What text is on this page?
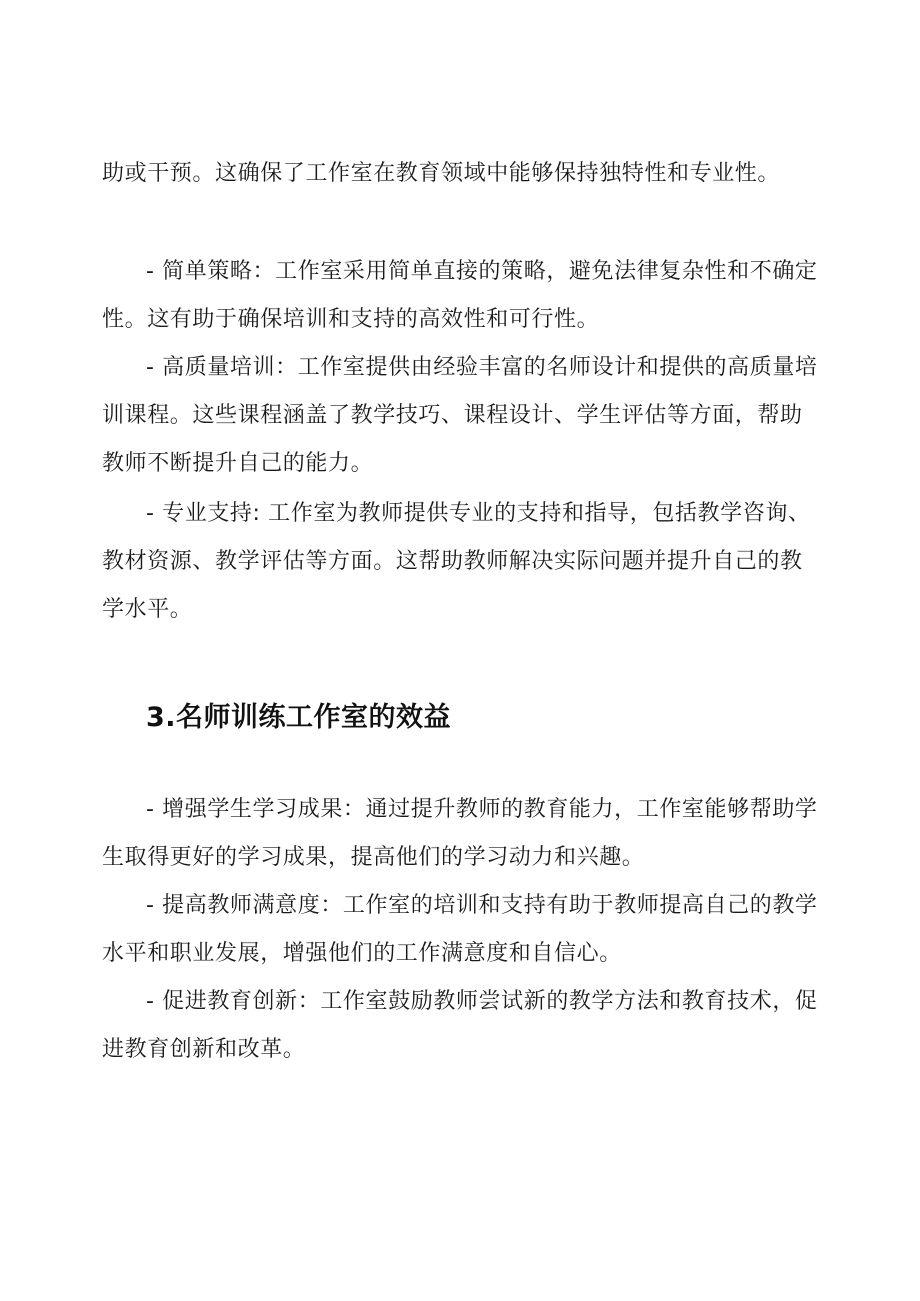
助或干预。这确保了工作室在教育领域中能够保持独特性和专业性。

- 简单策略：工作室采用简单直接的策略，避免法律复杂性和不确定性。这有助于确保培训和支持的高效性和可行性。

- 高质量培训：工作室提供由经验丰富的名师设计和提供的高质量培训课程。这些课程涵盖了教学技巧、课程设计、学生评估等方面，帮助教师不断提升自己的能力。

- 专业支持: 工作室为教师提供专业的支持和指导，包括教学咨询、教材资源、教学评估等方面。这帮助教师解决实际问题并提升自己的教学水平。

3.名师训练工作室的效益

- 增强学生学习成果：通过提升教师的教育能力，工作室能够帮助学生取得更好的学习成果，提高他们的学习动力和兴趣。

- 提高教师满意度：工作室的培训和支持有助于教师提高自己的教学水平和职业发展，增强他们的工作满意度和自信心。

- 促进教育创新：工作室鼓励教师尝试新的教学方法和教育技术，促进教育创新和改革。
